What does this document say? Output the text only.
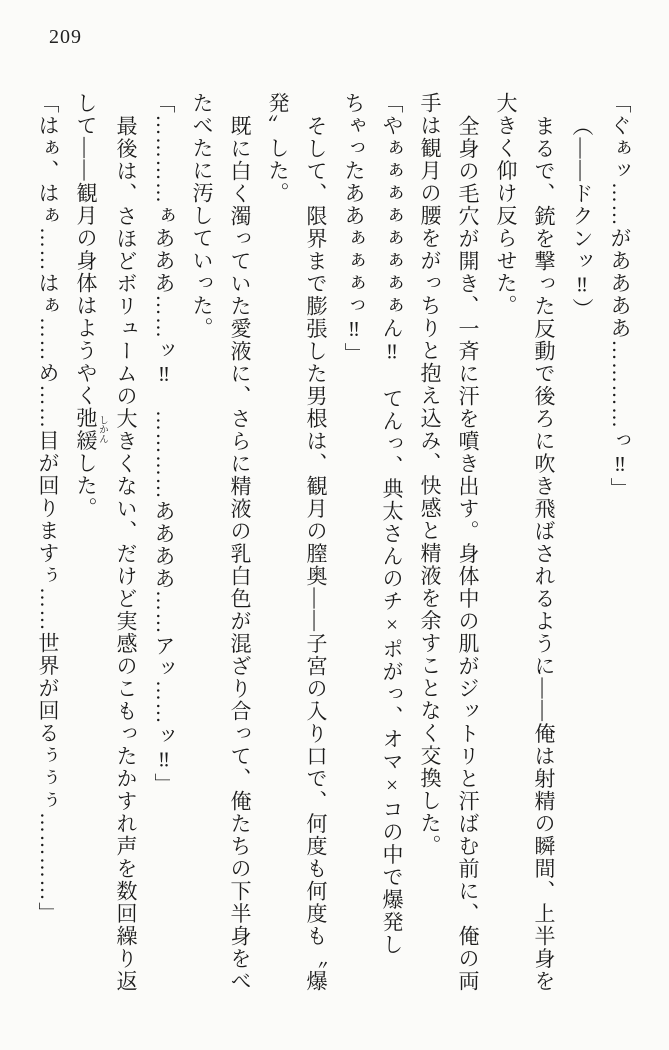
209
「ぐぁッ……がああああ…………っ‼」
（——ドクンッ‼）
まるで、銃を撃った反動で後ろに吹き飛ばされるように——俺は射精の瞬間、上半身を
大きく仰け反らせた。
全身の毛穴が開き、一斉に汗を噴き出す。身体中の肌がジットリと汗ばむ前に、俺の両
手は観月の腰をがっちりと抱え込み、快感と精液を余すことなく交換した。
「やぁぁぁぁぁぁぁぁん‼　てんっ、典太さんのチ×ポがっ、オマ×コの中で爆発し
ちゃったああぁぁぁっ‼」
そして、限界まで膨張した男根は、観月の膣奥——子宮の入り口で、何度も何度も〝爆
発〟した。
既に白く濁っていた愛液に、さらに精液の乳白色が混ざり合って、俺たちの下半身をべ
たべたに汚していった。
「…………ぁあああ……ッ‼　…………ああああ……アッ……ッ‼」
最後は、さほどボリュームの大きくない、だけど実感のこもったかすれ声を数回繰り返
して——観月の身体はようやく弛緩 しかんした。
「はぁ、はぁ……はぁ……め……目が回りますぅ……世界が回るぅぅぅ…………」
